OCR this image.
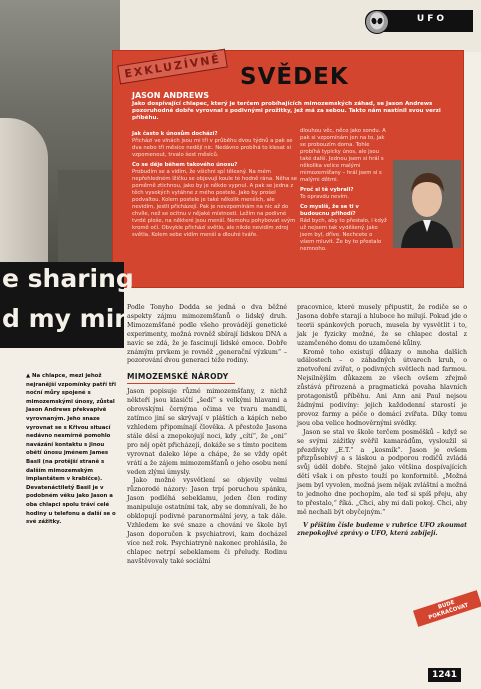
UFO
EXKLUZÍVNĚ SVĚDEK
JASON ANDREWS
Jako dospívající chlapec, který je terčem probíhajících mimozemských záhad, se Jason Andrews pozoruhodně dobře vyrovnal s podivnými prožitky, jež má za sebou. Takto nám nastínil svou verzi příběhu.
Jak často k únosům dochází?

Přichází ve vlnách jsou mi tři v průběhu dvou týdnů a pak se dva nebo tři měsíce nedějí nic. Nedávno probíhá to klesat si vzpomenout, trvalo šest měsíců.

Co se děje během takového únosu?

Probudím se a vidím, že všichni spí tělesný. Na mém nepřehledném lžičku se objevují koule té hodně rána. Něha se poměrně ztichnou, jako by je někdo vypnul. A pak se jedna z těch vysokých vytáhne z mého postele. Jako by prošel podvaltou. Kolem postele je také několik menších, ale nevidím, jestli přicházejí. Pak je nevzpomínám na nic až do chvíle, než se ocitnu v nějaké místnosti. Ležím na podivné tvrdé ploše, na některé jsou menší. Nemohu pohybovat svým kromě očí. Obvykle přichází světlo, ale nikde nevidím zdroj světla. Kolem sebe vidím menší a dlouhé tváře.

dlouhou věc, něco jako sondu. A pak si vzpomínám jen na to, jak se probouzím doma. Tohle probíhá typicky únos, ale jsou také další. Jednou jsem si hrál s několika velice malými mimozemšťany – hrál jsem si s malými dětmi.

Proč si tě vybrali?

To opravdu nevím.

Co myslíš, že se ti v budoucnu přihodí?

Rád bych, aby to přestalo, i když už nejsem tak vyděšený. Jako jsem byl, dříve. Nechcete o všem mluvit. Že by to přestalo nemnoho.

e sharing
d my mind
▲ Na chlapce, mezi jehož nejranější vzpomínky patří tři noční můry spojené s mimozemskými únosy, zůstal Jason Andrews překvapivě vyrovnaným. Jeho snaze vyrovnat se s Křivou situací nedávno nesmírně pomohlo navázání kontaktu s jinou obětí únosu jménem James Basil (na protější straně s dalším mimozemským implantátem v krabičce). Devatenáctiletý Basil je v podobném věku jako Jason a oba chlapci spolu tráví celé hodiny u telefonu a další se o své zážitky.

Podle Tonyho Dodda se jedná o dva běžné aspekty zájmu mimozemšťanů o lidský druh. Mimozemšťané podle všeho provádějí genetické experimenty, možná rovněž sbírají lidskou DNA a navíc se zdá, že je fascinují lidské emoce. Dobře známým prvkem je rovněž „generační výzkum“ – pozorování dvou generací téže rodiny.

MIMOZEMSKÉ NÁRODY

Jason popisuje různé mimozemšťany, z nichž někteří jsou klasičtí „šedí“ s velkými hlavami a obrovskými černýma očima ve tvaru mandlí, zatímco jiní se skrývají v pláštích a kápích nebo vzhledem připomínají člověka. A přestože Jasona stále děsí a znepokojují noci, kdy „cítí“, že „oni“ pro něj opět přicházejí, dokáže se s tímto pocitem vyrovnat daleko lépe a chápe, že se vždy opět vrátí a že zájem mimozemšťanů o jeho osobu není veden zlými úmysly.

Jako možné vysvětlení se objevily velmi různorodé názory: Jason trpí poruchou spánku, Jason podléhá sebeklamu, jeden člen rodiny manipuluje ostatními tak, aby se domnívali, že ho obklopují podivné paranormální jevy, a tak dále. Vzhledem ke své snaze a chování ve škole byl Jason doporučen k psychiatrovi, kam docházel více než rok. Psychiatryně nakonec prohlásila, že chlapec netrpí sebeklamem či přeludy. Rodinu navštěvovaly také sociální

pracovnice, které musely připustit, že rodiče se o Jasona dobře starají a hluboce ho milují. Pokud jde o teorii spánkových poruch, musela by vysvětlit i to, jak je fyzicky možné, že se chlapec dostal z uzamčeného domu do uzamčené kůlny.

Kromě toho existují důkazy o mnoha dalších událostech – o záhadných útvarech kruh, o znetvoření zvířat, o podivných světlech nad farmou. Nejsilnějším důkazem ze všech ovšem zřejmě zůstává přirozená a pragmatická povaha hlavních protagonistů příběhu. Ani Ann ani Paul nejsou žádnými podivíny: jejich každodenní starostí je provoz farmy a péče o domácí zvířata. Díky tomu jsou oba velice hodnověrnými svědky.

Jason se stal ve škole terčem posměšků – když se se svými zážitky svěřil kamarádům, vysloužil si přezdívky „E.T.“ a „kosmík“. Jason je ovšem přizpůsobivý a s láskou a podporou rodičů zvládá svůj úděl dobře. Stejně jako většina dospívajících dětí však i on přesto touží po konformitě. „Možná jsem byl vyvolen, možná jsem nějak zvláštní a možná to jednoho dne pochopím, ale teď si spíš přeju, aby to přestalo,“ říká. „Chci, aby mi dali pokoj. Chci, aby mě nechali být obyčejným.“

V příštím čísle budeme v rubrice UFO zkoumat znepokojivé zprávy o UFO, která zabíjejí.

BUDE POKRAČOVAT
1241
